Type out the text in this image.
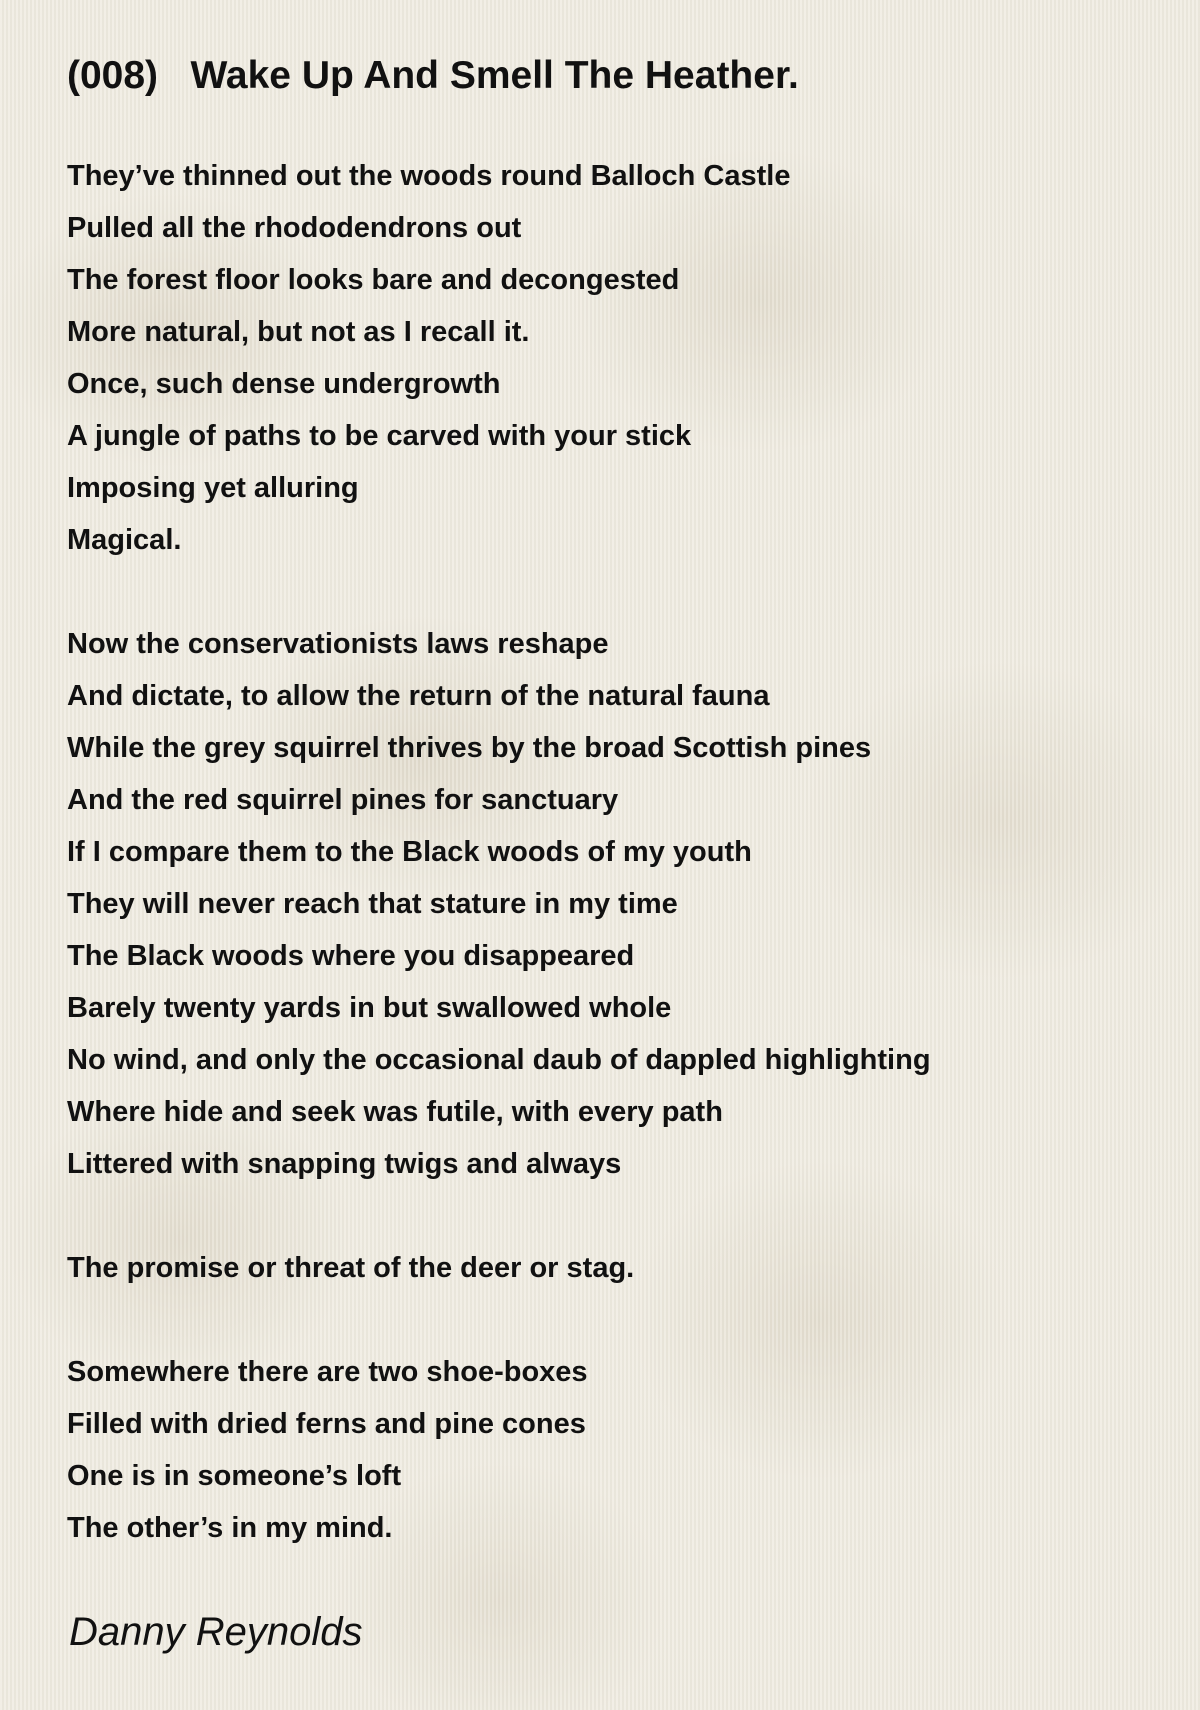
(008)   Wake Up And Smell The Heather.
They’ve thinned out the woods round Balloch Castle
Pulled all the rhododendrons out
The forest floor looks bare and decongested
More natural, but not as I recall it.
Once, such dense undergrowth
A jungle of paths to be carved with your stick
Imposing yet alluring
Magical.
Now the conservationists laws reshape
And dictate, to allow the return of the natural fauna
While the grey squirrel thrives by the broad Scottish pines
And the red squirrel pines for sanctuary
If I compare them to the Black woods of my youth
They will never reach that stature in my time
The Black woods where you disappeared
Barely twenty yards in but swallowed whole
No wind, and only the occasional daub of dappled highlighting
Where hide and seek was futile, with every path
Littered with snapping twigs and always
The promise or threat of the deer or stag.
Somewhere there are two shoe-boxes
Filled with dried ferns and pine cones
One is in someone’s loft
The other’s in my mind.

Danny Reynolds
